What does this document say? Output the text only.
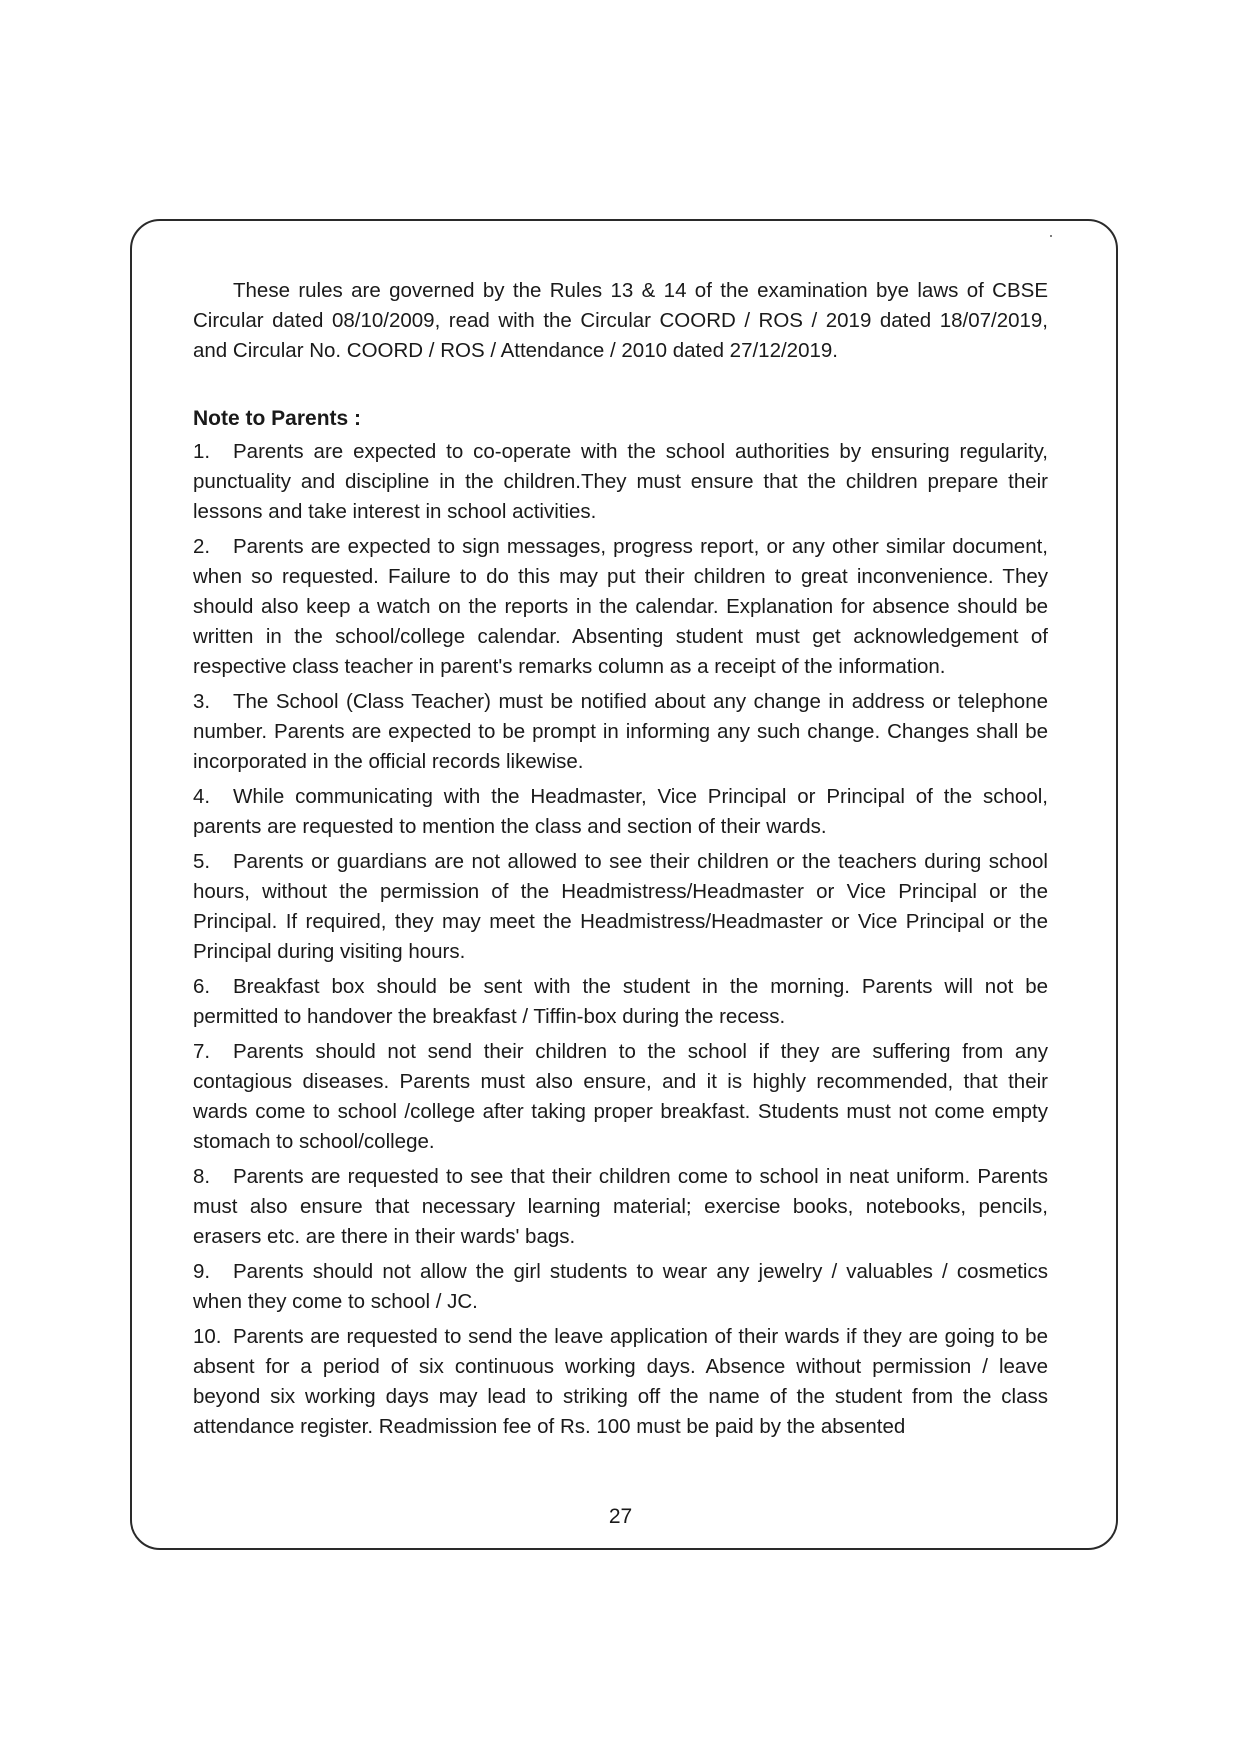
These rules are governed by the Rules 13 & 14 of the examination bye laws of CBSE Circular dated 08/10/2009, read with the Circular COORD / ROS / 2019 dated 18/07/2019, and Circular No. COORD / ROS / Attendance / 2010 dated 27/12/2019.

Note to Parents :

1. Parents are expected to co-operate with the school authorities by ensuring regularity, punctuality and discipline in the children.They must ensure that the children prepare their lessons and take interest in school activities.

2. Parents are expected to sign messages, progress report, or any other similar document, when so requested. Failure to do this may put their children to great inconvenience. They should also keep a watch on the reports in the calendar. Explanation for absence should be written in the school/college calendar. Absenting student must get acknowledgement of respective class teacher in parent's remarks column as a receipt of the information.

3. The School (Class Teacher) must be notified about any change in address or telephone number. Parents are expected to be prompt in informing any such change. Changes shall be incorporated in the official records likewise.

4. While communicating with the Headmaster, Vice Principal or Principal of the school, parents are requested to mention the class and section of their wards.

5. Parents or guardians are not allowed to see their children or the teachers during school hours, without the permission of the Headmistress/Headmaster or Vice Principal or the Principal. If required, they may meet the Headmistress/Headmaster or Vice Principal or the Principal during visiting hours.

6. Breakfast box should be sent with the student in the morning. Parents will not be permitted to handover the breakfast / Tiffin-box during the recess.

7. Parents should not send their children to the school if they are suffering from any contagious diseases. Parents must also ensure, and it is highly recommended, that their wards come to school /college after taking proper breakfast. Students must not come empty stomach to school/college.

8. Parents are requested to see that their children come to school in neat uniform. Parents must also ensure that necessary learning material; exercise books, notebooks, pencils, erasers etc. are there in their wards' bags.

9. Parents should not allow the girl students to wear any jewelry / valuables / cosmetics when they come to school / JC.

10. Parents are requested to send the leave application of their wards if they are going to be absent for a period of six continuous working days. Absence without permission / leave beyond six working days may lead to striking off the name of the student from the class attendance register. Readmission fee of Rs. 100 must be paid by the absented

27
